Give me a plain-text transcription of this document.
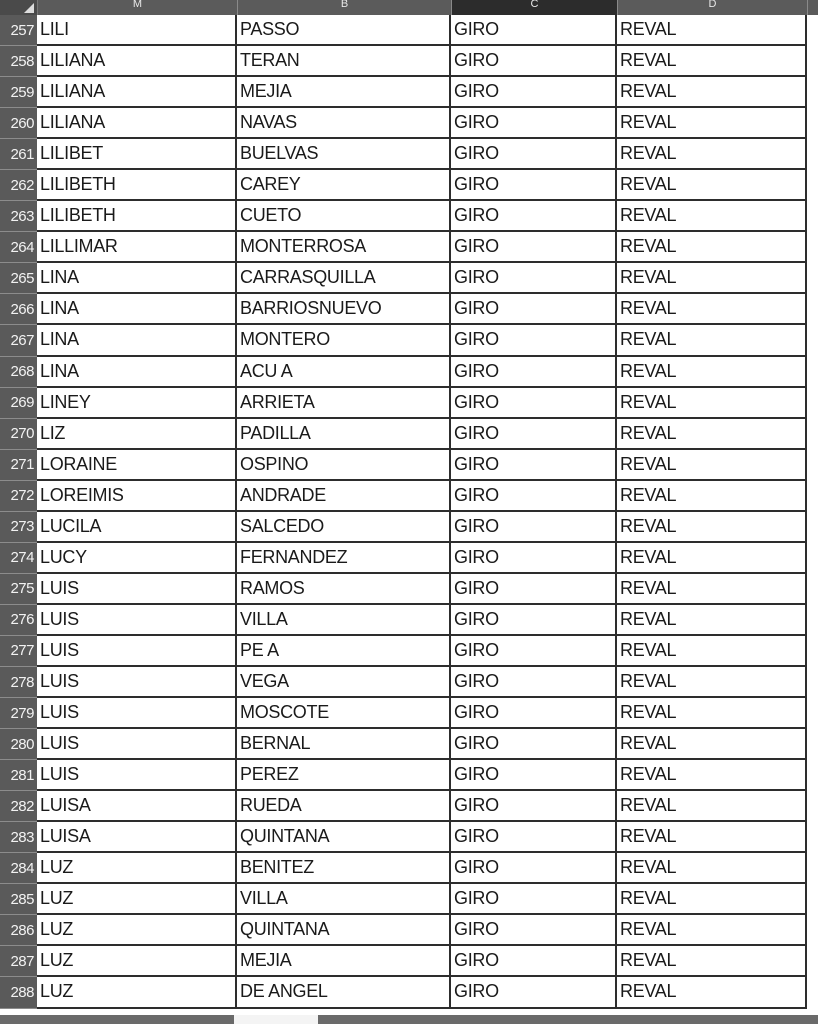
M	B	C	D
257 LILI	PASSO	GIRO	REVAL
258 LILIANA	TERAN	GIRO	REVAL
259 LILIANA	MEJIA	GIRO	REVAL
260 LILIANA	NAVAS	GIRO	REVAL
261 LILIBET	BUELVAS	GIRO	REVAL
262 LILIBETH	CAREY	GIRO	REVAL
263 LILIBETH	CUETO	GIRO	REVAL
264 LILLIMAR	MONTERROSA	GIRO	REVAL
265 LINA	CARRASQUILLA	GIRO	REVAL
266 LINA	BARRIOSNUEVO	GIRO	REVAL
267 LINA	MONTERO	GIRO	REVAL
268 LINA	ACU A	GIRO	REVAL
269 LINEY	ARRIETA	GIRO	REVAL
270 LIZ	PADILLA	GIRO	REVAL
271 LORAINE	OSPINO	GIRO	REVAL
272 LOREIMIS	ANDRADE	GIRO	REVAL
273 LUCILA	SALCEDO	GIRO	REVAL
274 LUCY	FERNANDEZ	GIRO	REVAL
275 LUIS	RAMOS	GIRO	REVAL
276 LUIS	VILLA	GIRO	REVAL
277 LUIS	PE A	GIRO	REVAL
278 LUIS	VEGA	GIRO	REVAL
279 LUIS	MOSCOTE	GIRO	REVAL
280 LUIS	BERNAL	GIRO	REVAL
281 LUIS	PEREZ	GIRO	REVAL
282 LUISA	RUEDA	GIRO	REVAL
283 LUISA	QUINTANA	GIRO	REVAL
284 LUZ	BENITEZ	GIRO	REVAL
285 LUZ	VILLA	GIRO	REVAL
286 LUZ	QUINTANA	GIRO	REVAL
287 LUZ	MEJIA	GIRO	REVAL
288 LUZ	DE ANGEL	GIRO	REVAL
